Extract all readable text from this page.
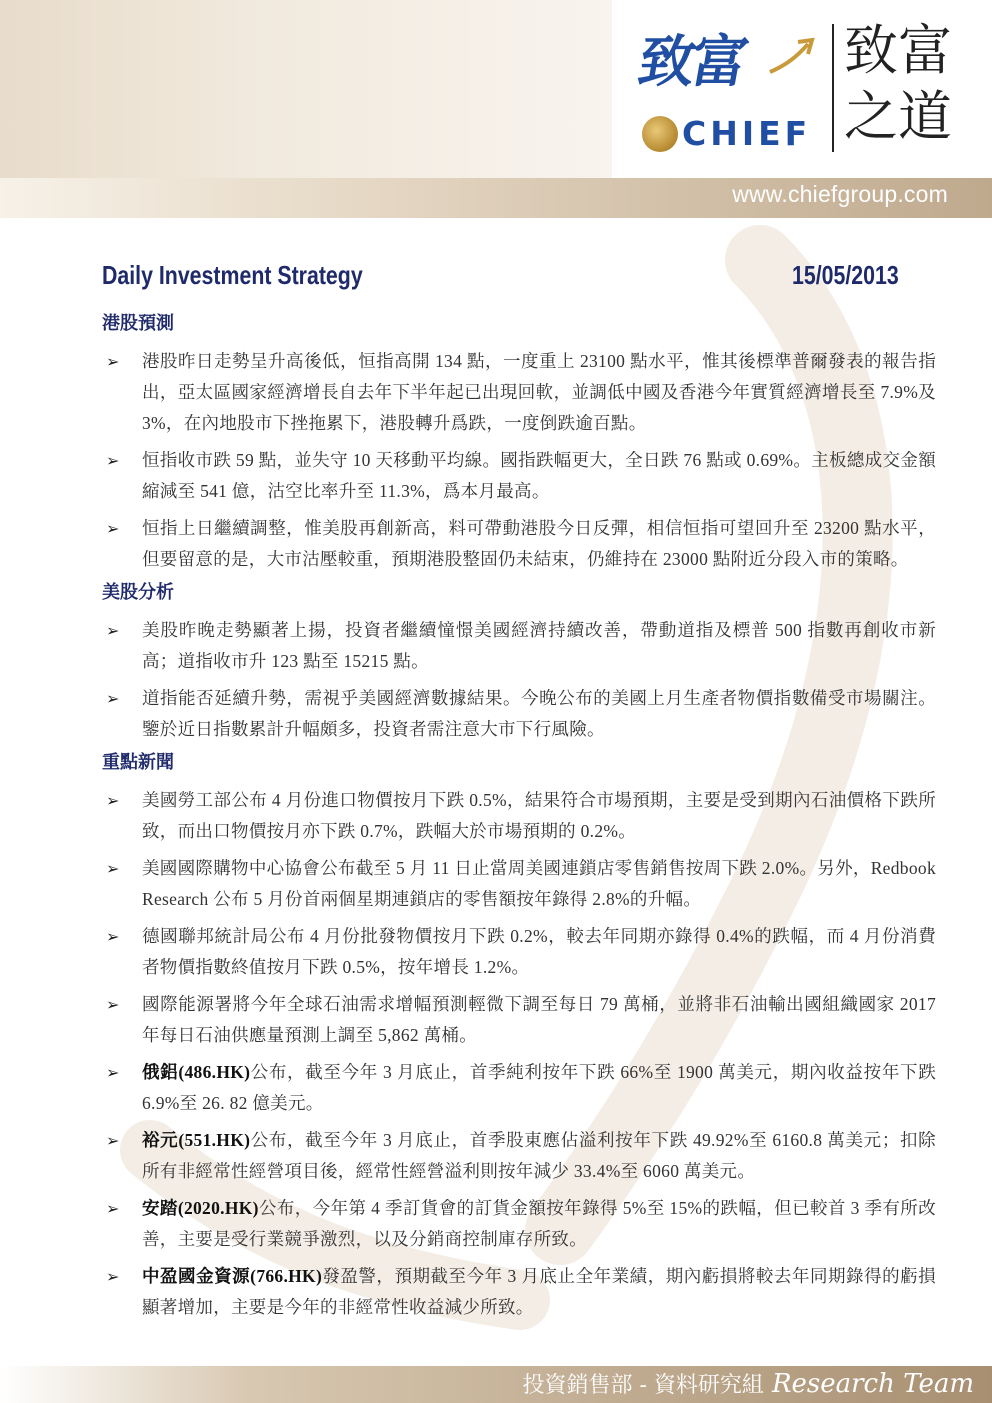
www.chiefgroup.com
致富
CHIEF
致富
之道
Daily Investment Strategy	15/05/2013
港股預測
➢ 港股昨日走勢呈升高後低，恒指高開 134 點，一度重上 23100 點水平，惟其後標準普爾發表的報告指出，亞太區國家經濟增長自去年下半年起已出現回軟，並調低中國及香港今年實質經濟增長至 7.9%及 3%，在內地股市下挫拖累下，港股轉升爲跌，一度倒跌逾百點。
➢ 恒指收市跌 59 點，並失守 10 天移動平均線。國指跌幅更大，全日跌 76 點或 0.69%。主板總成交金額縮減至 541 億，沽空比率升至 11.3%，爲本月最高。
➢ 恒指上日繼續調整，惟美股再創新高，料可帶動港股今日反彈，相信恒指可望回升至 23200 點水平，但要留意的是，大市沽壓較重，預期港股整固仍未結束，仍維持在 23000 點附近分段入市的策略。
美股分析
➢ 美股昨晚走勢顯著上揚，投資者繼續憧憬美國經濟持續改善，帶動道指及標普 500 指數再創收市新高；道指收市升 123 點至 15215 點。
➢ 道指能否延續升勢，需視乎美國經濟數據結果。今晚公布的美國上月生產者物價指數備受市場關注。鑒於近日指數累計升幅頗多，投資者需注意大市下行風險。
重點新聞
➢ 美國勞工部公布 4 月份進口物價按月下跌 0.5%，結果符合市場預期，主要是受到期內石油價格下跌所致，而出口物價按月亦下跌 0.7%，跌幅大於市場預期的 0.2%。
➢ 美國國際購物中心協會公布截至 5 月 11 日止當周美國連鎖店零售銷售按周下跌 2.0%。另外，Redbook Research 公布 5 月份首兩個星期連鎖店的零售額按年錄得 2.8%的升幅。
➢ 德國聯邦統計局公布 4 月份批發物價按月下跌 0.2%，較去年同期亦錄得 0.4%的跌幅，而 4 月份消費者物價指數終值按月下跌 0.5%，按年增長 1.2%。
➢ 國際能源署將今年全球石油需求增幅預測輕微下調至每日 79 萬桶，並將非石油輸出國組織國家 2017 年每日石油供應量預測上調至 5,862 萬桶。
➢ 俄鋁(486.HK)公布，截至今年 3 月底止，首季純利按年下跌 66%至 1900 萬美元，期內收益按年下跌 6.9%至 26. 82 億美元。
➢ 裕元(551.HK)公布，截至今年 3 月底止，首季股東應佔溢利按年下跌 49.92%至 6160.8 萬美元；扣除所有非經常性經營項目後，經常性經營溢利則按年減少 33.4%至 6060 萬美元。
➢ 安踏(2020.HK)公布，今年第 4 季訂貨會的訂貨金額按年錄得 5%至 15%的跌幅，但已較首 3 季有所改善，主要是受行業競爭激烈，以及分銷商控制庫存所致。
➢ 中盈國金資源(766.HK)發盈警，預期截至今年 3 月底止全年業績，期內虧損將較去年同期錄得的虧損顯著增加，主要是今年的非經常性收益減少所致。
投資銷售部 - 資料研究組 Research Team
